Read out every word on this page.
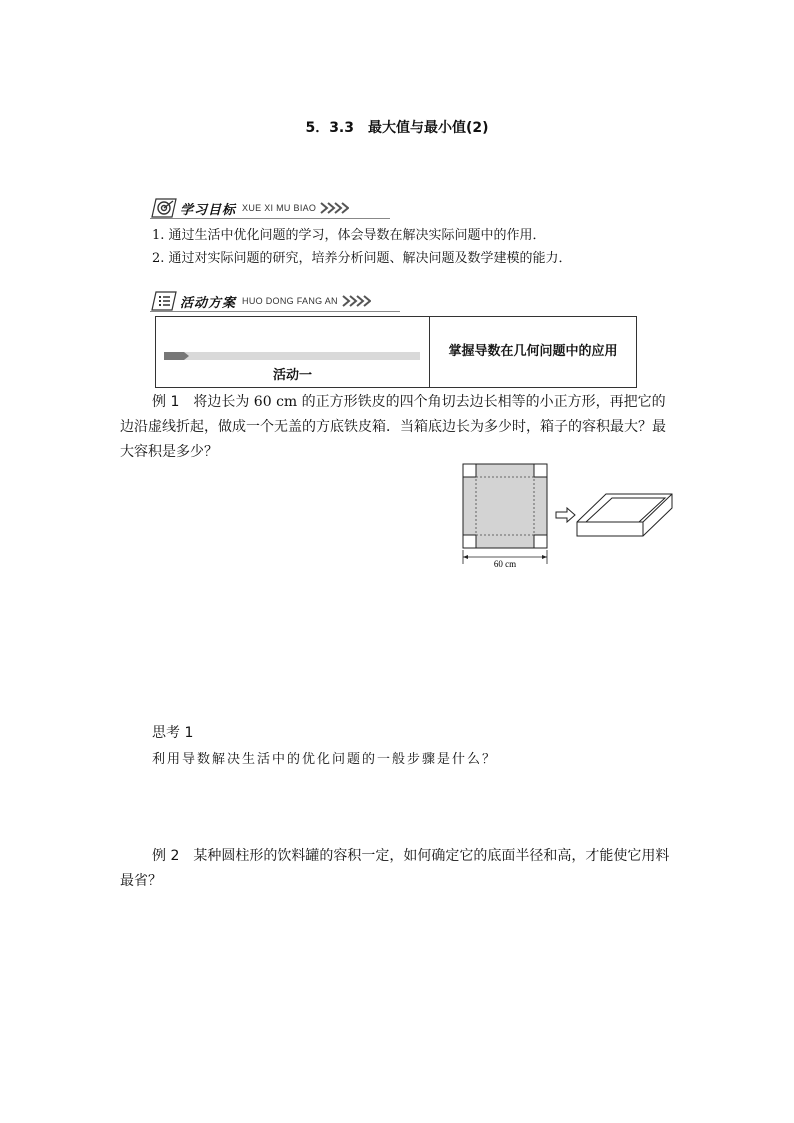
5．3.3　最大值与最小值(2)
学习目标 XUE XI MU BIAO
1. 通过生活中优化问题的学习，体会导数在解决实际问题中的作用．
2. 通过对实际问题的研究，培养分析问题、解决问题及数学建模的能力．
活动方案 HUO DONG FANG AN
活动一
掌握导数在几何问题中的应用
例 1　 将边长为 60 cm 的正方形铁皮的四个角切去边长相等的小正方形，再把它的边沿虚线折起，做成一个无盖的方底铁皮箱．当箱底边长为多少时，箱子的容积最大？最大容积是多少？
60 cm
思考 1
利用导数解决生活中的优化问题的一般步骤是什么？
例 2　 某种圆柱形的饮料罐的容积一定，如何确定它的底面半径和高，才能使它用料最省？
